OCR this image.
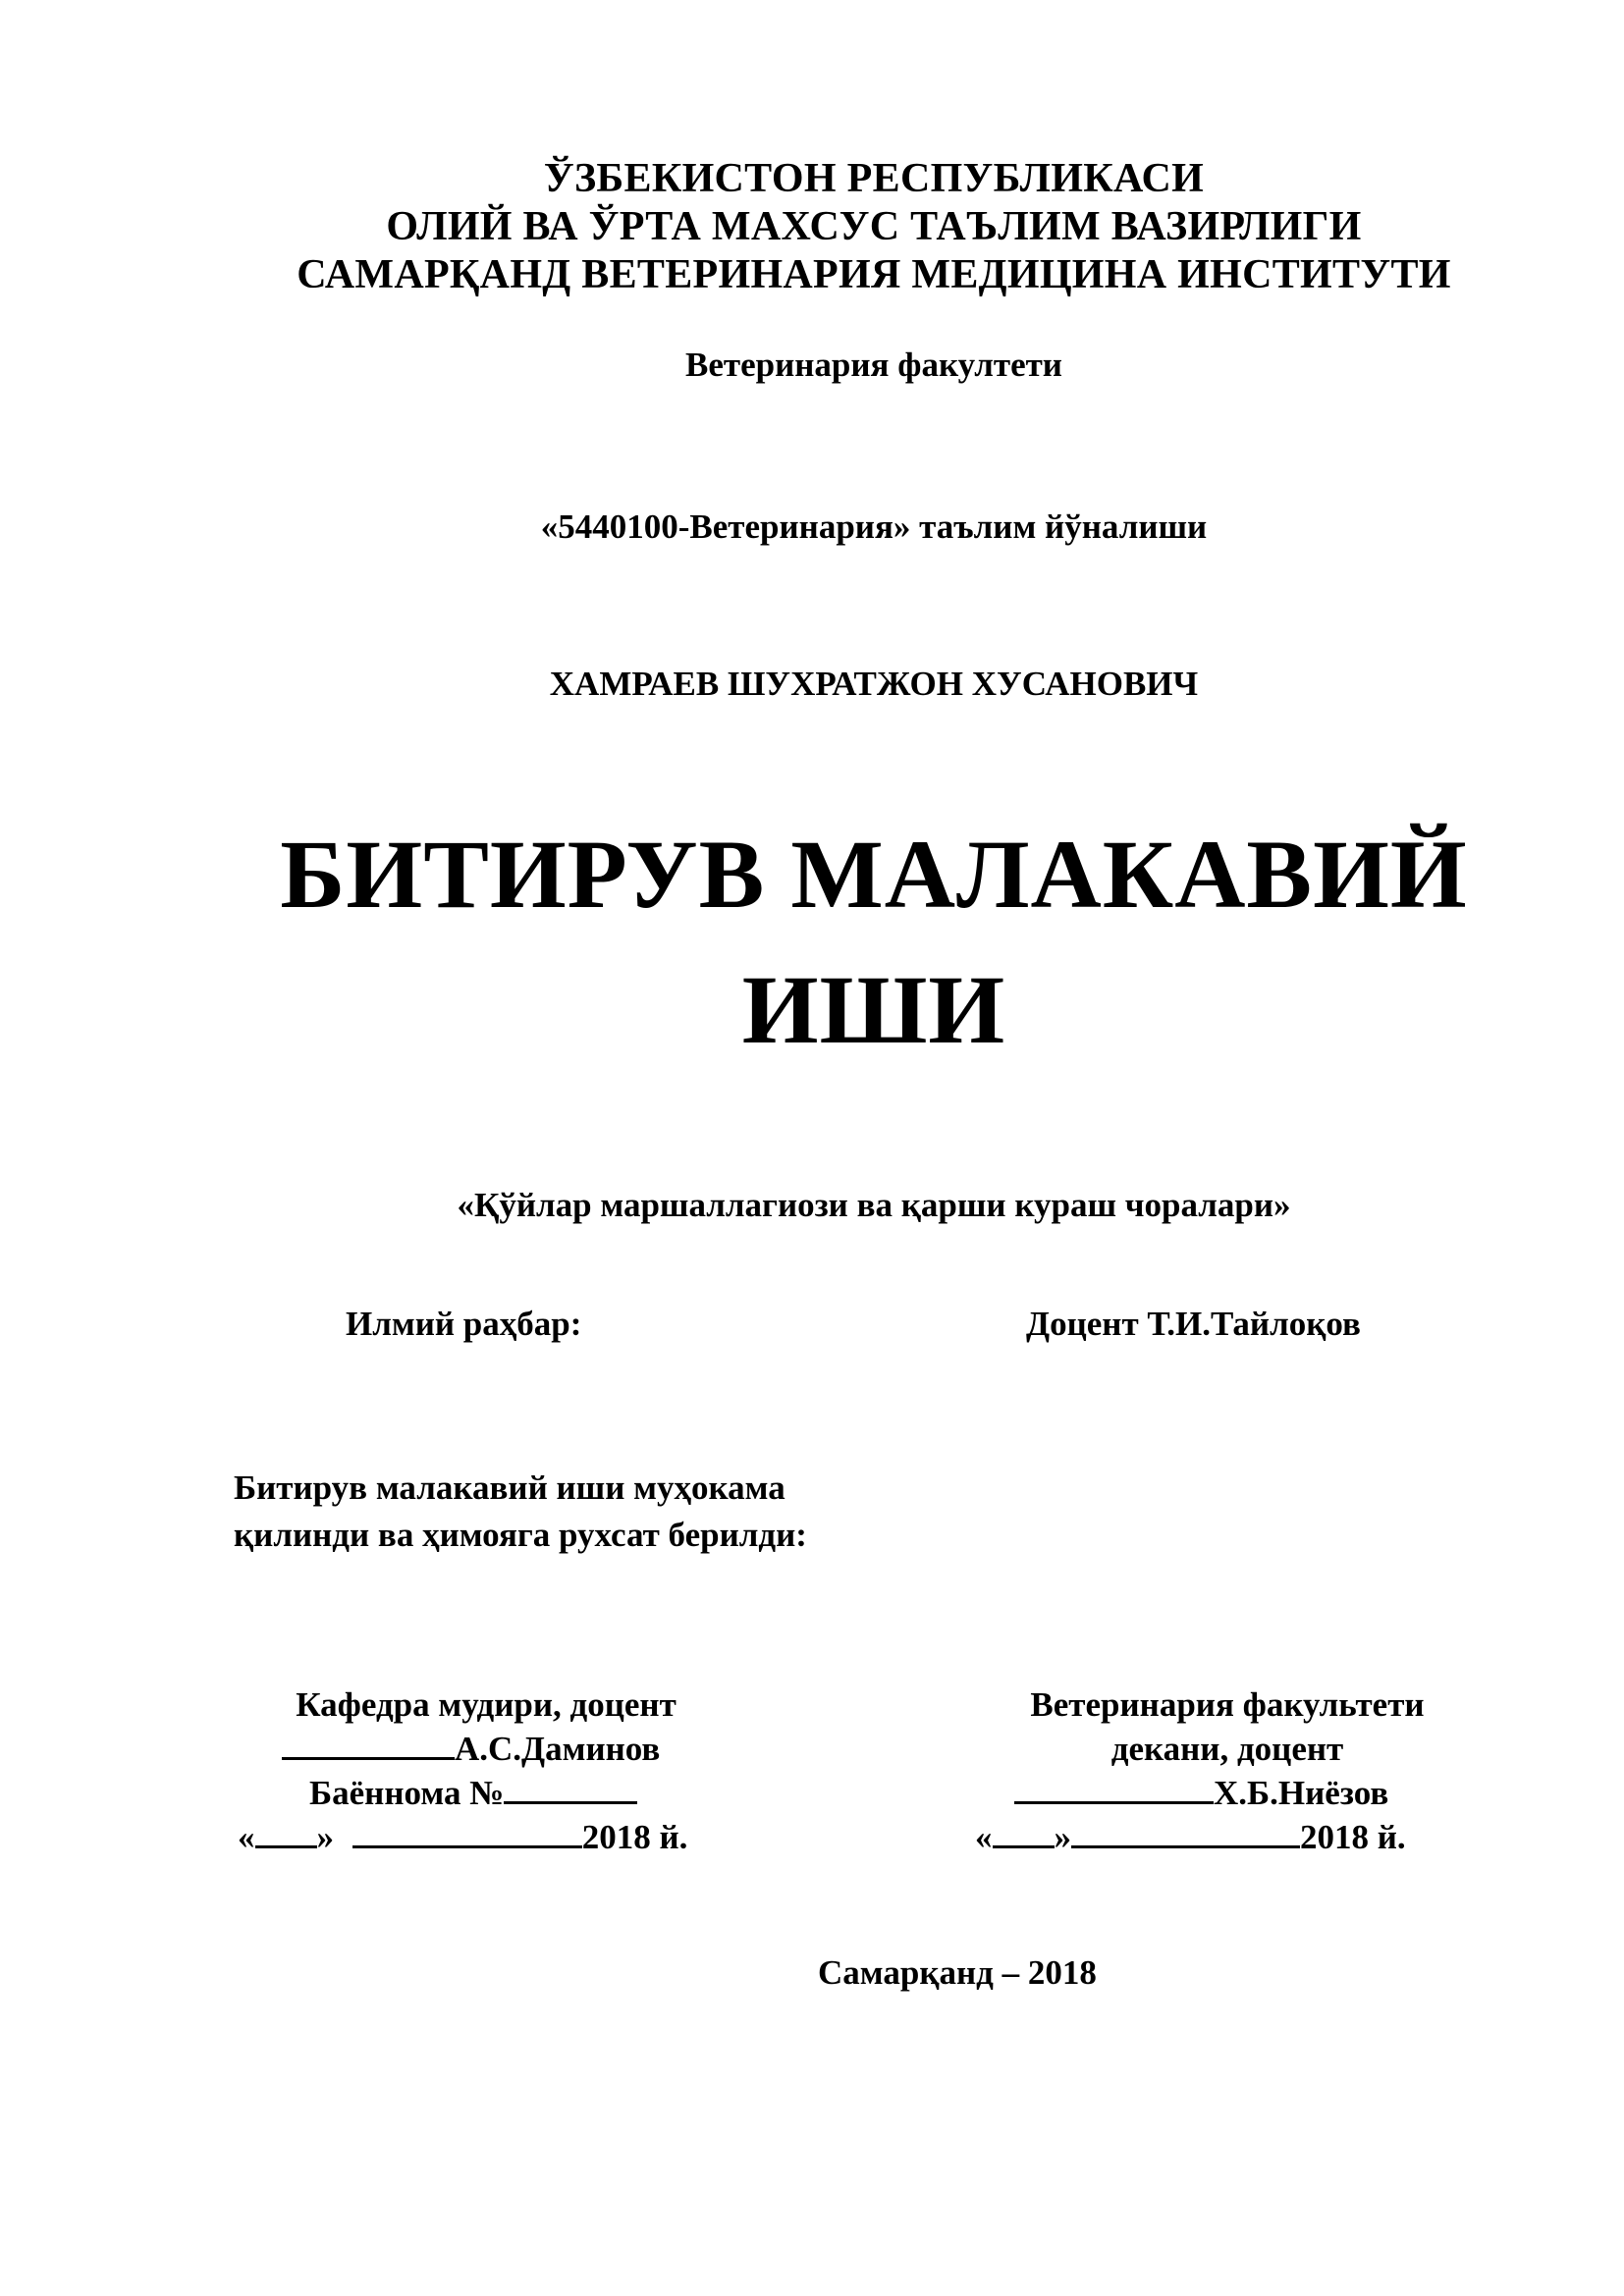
ЎЗБЕКИСТОН РЕСПУБЛИКАСИ
ОЛИЙ ВА ЎРТА МАХСУС ТАЪЛИМ ВАЗИРЛИГИ
САМАРҚАНД ВЕТЕРИНАРИЯ МЕДИЦИНА ИНСТИТУТИ
Ветеринария факултети
«5440100-Ветеринария» таълим йўналиши
ХАМРАЕВ ШУХРАТЖОН ХУСАНОВИЧ
БИТИРУВ МАЛАКАВИЙ
ИШИ
«Қўйлар маршаллагиози ва қарши кураш чоралари»
Илмий раҳбар:	Доцент Т.И.Тайлоқов
Битирув малакавий иши муҳокама
қилинди ва ҳимояга рухсат берилди:
Кафедра мудири, доцент
А.С.Даминов
Баённома №
« »	2018 й.
Ветеринария факультети
декани, доцент
Х.Б.Ниёзов
« »	2018 й.
Самарқанд – 2018
